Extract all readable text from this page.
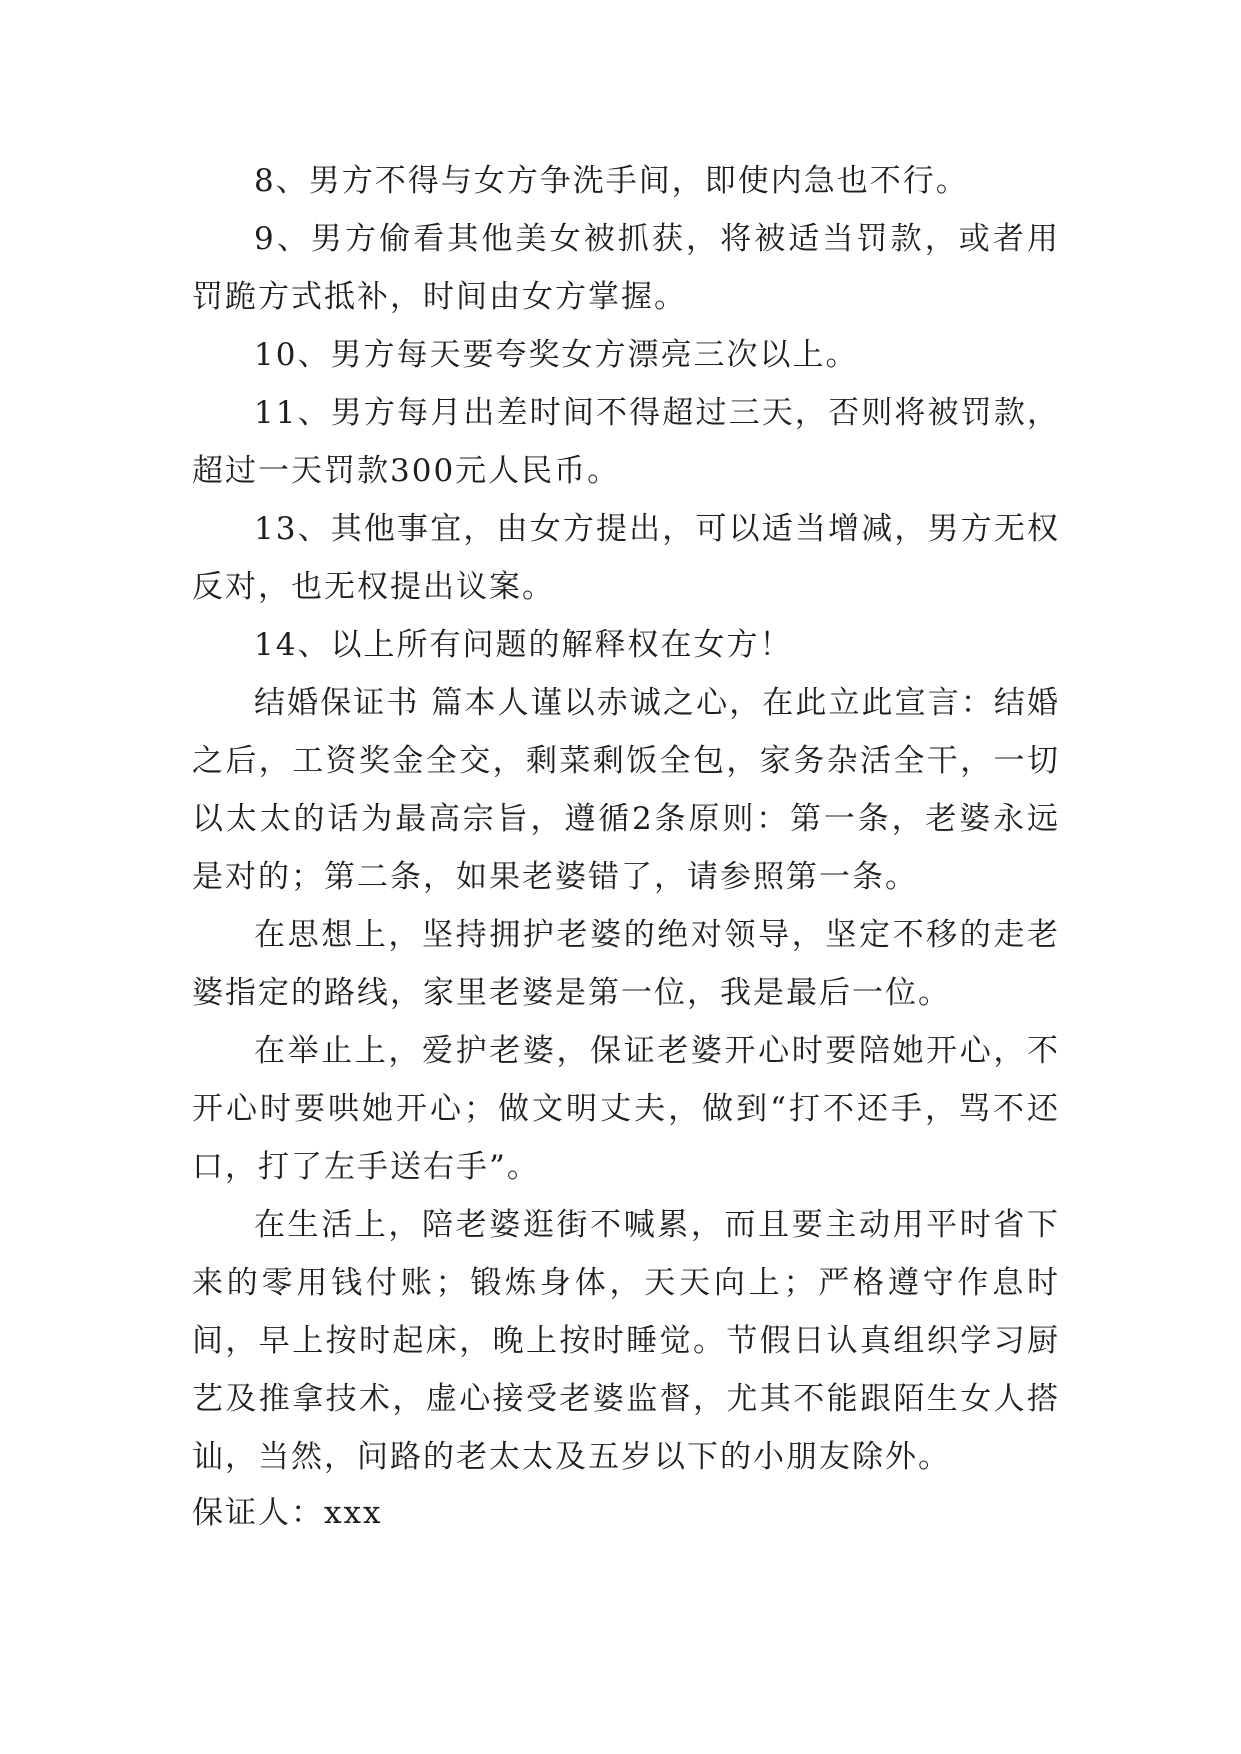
8、男方不得与女方争洗手间，即使内急也不行。

9、男方偷看其他美女被抓获，将被适当罚款，或者用罚跪方式抵补，时间由女方掌握。

10、男方每天要夸奖女方漂亮三次以上。

11、男方每月出差时间不得超过三天，否则将被罚款，超过一天罚款300元人民币。

13、其他事宜，由女方提出，可以适当增减，男方无权反对，也无权提出议案。

14、以上所有问题的解释权在女方！

结婚保证书 篇本人谨以赤诚之心，在此立此宣言：结婚之后，工资奖金全交，剩菜剩饭全包，家务杂活全干，一切以太太的话为最高宗旨，遵循2条原则：第一条，老婆永远是对的；第二条，如果老婆错了，请参照第一条。

在思想上，坚持拥护老婆的绝对领导，坚定不移的走老婆指定的路线，家里老婆是第一位，我是最后一位。

在举止上，爱护老婆，保证老婆开心时要陪她开心，不开心时要哄她开心；做文明丈夫，做到“打不还手，骂不还口，打了左手送右手”。

在生活上，陪老婆逛街不喊累，而且要主动用平时省下来的零用钱付账；锻炼身体，天天向上；严格遵守作息时间，早上按时起床，晚上按时睡觉。节假日认真组织学习厨艺及推拿技术，虚心接受老婆监督，尤其不能跟陌生女人搭讪，当然，问路的老太太及五岁以下的小朋友除外。

保证人：xxx
